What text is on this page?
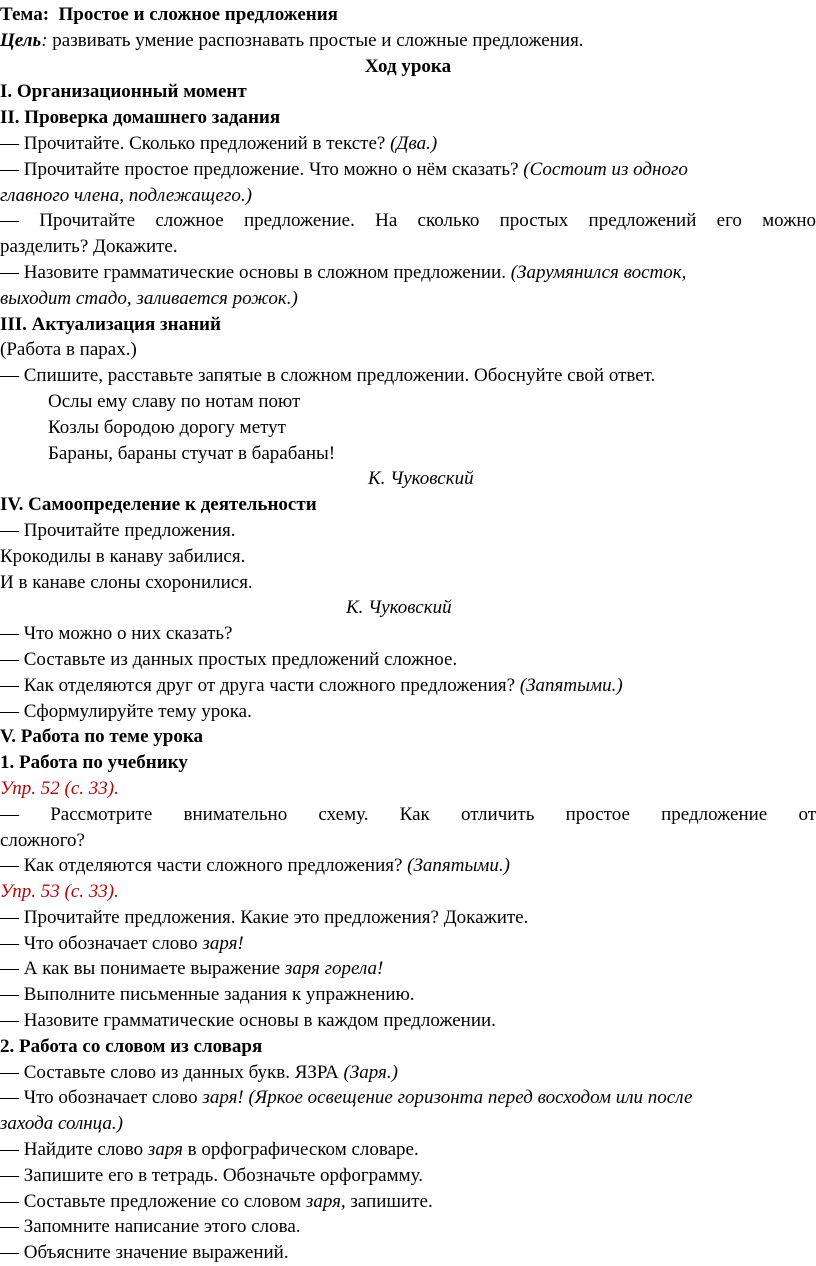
Тема: Простое и сложное предложения
Цель: развивать умение распознавать простые и сложные предложения.
Ход урока
I. Организационный момент
II. Проверка домашнего задания
— Прочитайте. Сколько предложений в тексте? (Два.)
— Прочитайте простое предложение. Что можно о нём сказать? (Состоит из одного
главного члена, подлежащего.)
— Прочитайте сложное предложение. На сколько простых предложений его можно
разделить? Докажите.
— Назовите грамматические основы в сложном предложении. (Зарумянился восток,
выходит стадо, заливается рожок.)
III. Актуализация знаний
(Работа в парах.)
— Спишите, расставьте запятые в сложном предложении. Обоснуйте свой ответ.
Ослы ему славу по нотам поют
Козлы бородою дорогу метут
Бараны, бараны стучат в барабаны!
К. Чуковский
IV. Самоопределение к деятельности
— Прочитайте предложения.
Крокодилы в канаву забилися.
И в канаве слоны схоронилися.
К. Чуковский
— Что можно о них сказать?
— Составьте из данных простых предложений сложное.
— Как отделяются друг от друга части сложного предложения? (Запятыми.)
— Сформулируйте тему урока.
V. Работа по теме урока
1. Работа по учебнику
Упр. 52 (с. 33).
— Рассмотрите внимательно схему. Как отличить простое предложение от
сложного?
— Как отделяются части сложного предложения? (Запятыми.)
Упр. 53 (с. 33).
— Прочитайте предложения. Какие это предложения? Докажите.
— Что обозначает слово заря!
— А как вы понимаете выражение заря горела!
— Выполните письменные задания к упражнению.
— Назовите грамматические основы в каждом предложении.
2. Работа со словом из словаря
— Составьте слово из данных букв. ЯЗРА (Заря.)
— Что обозначает слово заря! (Яркое освещение горизонта перед восходом или после
захода солнца.)
— Найдите слово заря в орфографическом словаре.
— Запишите его в тетрадь. Обозначьте орфограмму.
— Составьте предложение со словом заря, запишите.
— Запомните написание этого слова.
— Объясните значение выражений.
